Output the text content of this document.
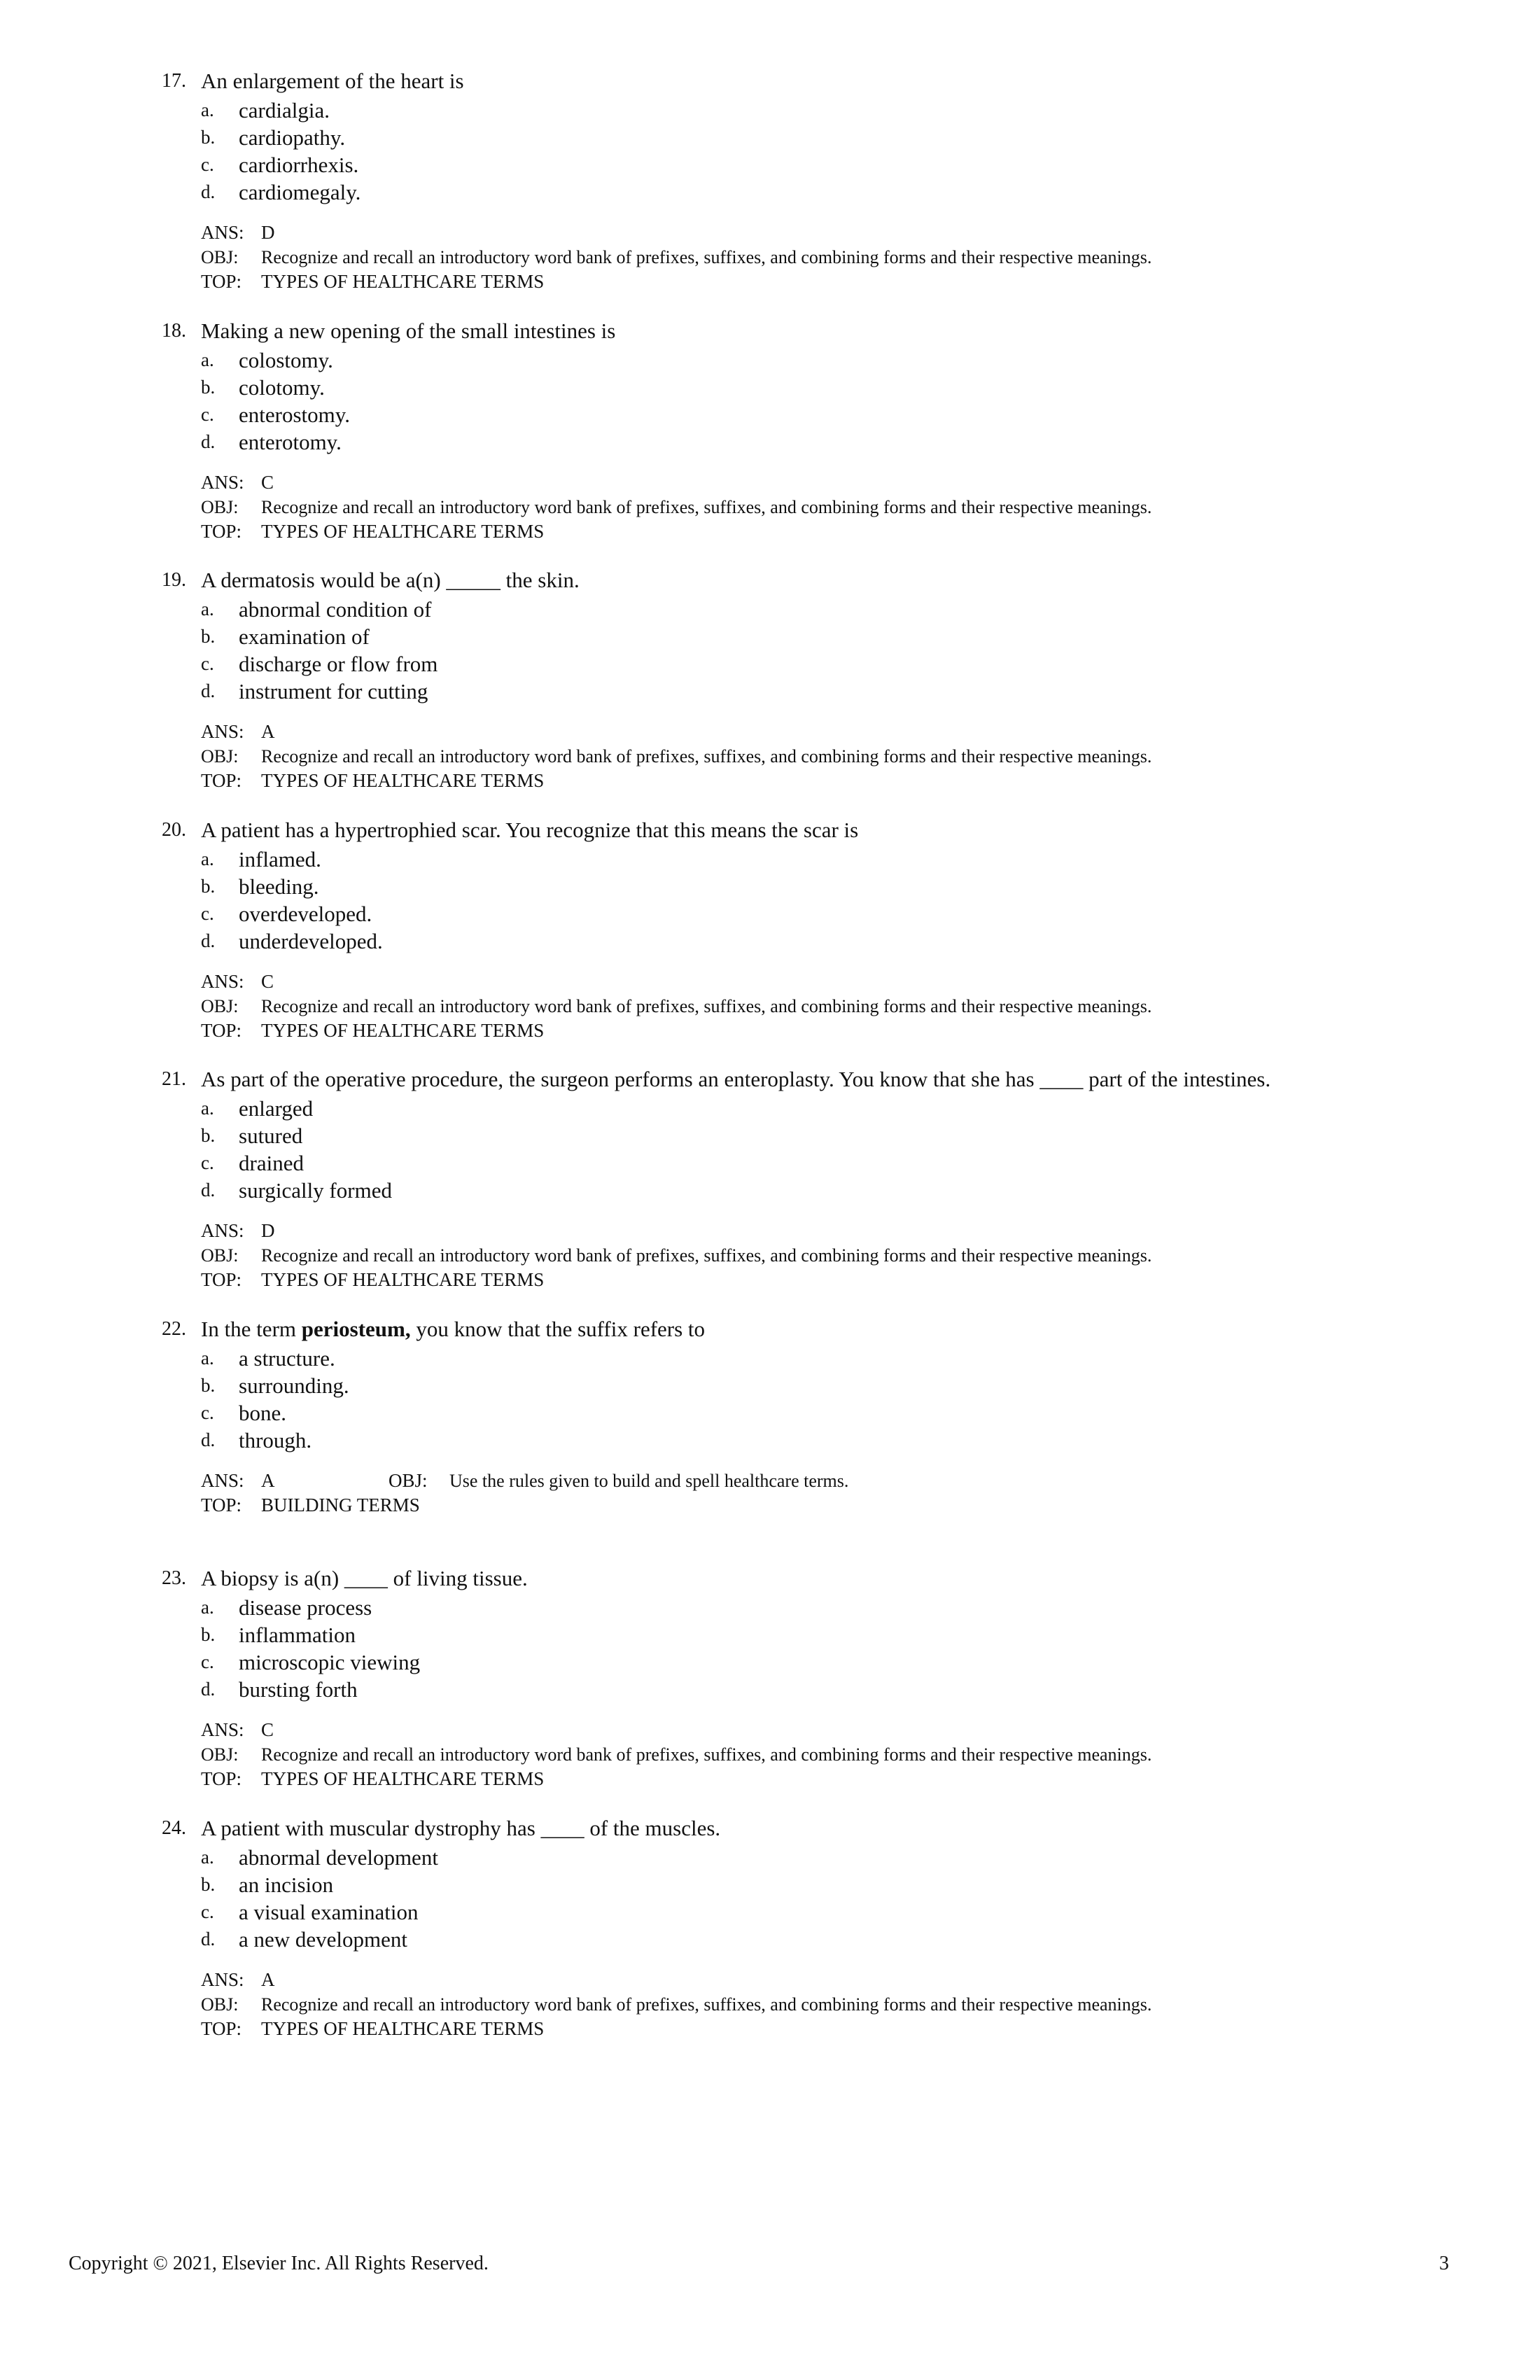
17. An enlargement of the heart is
a. cardialgia.
b. cardiopathy.
c. cardiorrhexis.
d. cardiomegaly.
ANS: D
OBJ: Recognize and recall an introductory word bank of prefixes, suffixes, and combining forms and their respective meanings.
TOP: TYPES OF HEALTHCARE TERMS
18. Making a new opening of the small intestines is
a. colostomy.
b. colotomy.
c. enterostomy.
d. enterotomy.
ANS: C
OBJ: Recognize and recall an introductory word bank of prefixes, suffixes, and combining forms and their respective meanings.
TOP: TYPES OF HEALTHCARE TERMS
19. A dermatosis would be a(n) _____ the skin.
a. abnormal condition of
b. examination of
c. discharge or flow from
d. instrument for cutting
ANS: A
OBJ: Recognize and recall an introductory word bank of prefixes, suffixes, and combining forms and their respective meanings.
TOP: TYPES OF HEALTHCARE TERMS
20. A patient has a hypertrophied scar. You recognize that this means the scar is
a. inflamed.
b. bleeding.
c. overdeveloped.
d. underdeveloped.
ANS: C
OBJ: Recognize and recall an introductory word bank of prefixes, suffixes, and combining forms and their respective meanings.
TOP: TYPES OF HEALTHCARE TERMS
21. As part of the operative procedure, the surgeon performs an enteroplasty. You know that she has ____ part of the intestines.
a. enlarged
b. sutured
c. drained
d. surgically formed
ANS: D
OBJ: Recognize and recall an introductory word bank of prefixes, suffixes, and combining forms and their respective meanings.
TOP: TYPES OF HEALTHCARE TERMS
22. In the term periosteum, you know that the suffix refers to
a. a structure.
b. surrounding.
c. bone.
d. through.
ANS: A	OBJ: Use the rules given to build and spell healthcare terms.
TOP: BUILDING TERMS
23. A biopsy is a(n) ____ of living tissue.
a. disease process
b. inflammation
c. microscopic viewing
d. bursting forth
ANS: C
OBJ: Recognize and recall an introductory word bank of prefixes, suffixes, and combining forms and their respective meanings.
TOP: TYPES OF HEALTHCARE TERMS
24. A patient with muscular dystrophy has ____ of the muscles.
a. abnormal development
b. an incision
c. a visual examination
d. a new development
ANS: A
OBJ: Recognize and recall an introductory word bank of prefixes, suffixes, and combining forms and their respective meanings.
TOP: TYPES OF HEALTHCARE TERMS
Copyright © 2021, Elsevier Inc. All Rights Reserved.	3
